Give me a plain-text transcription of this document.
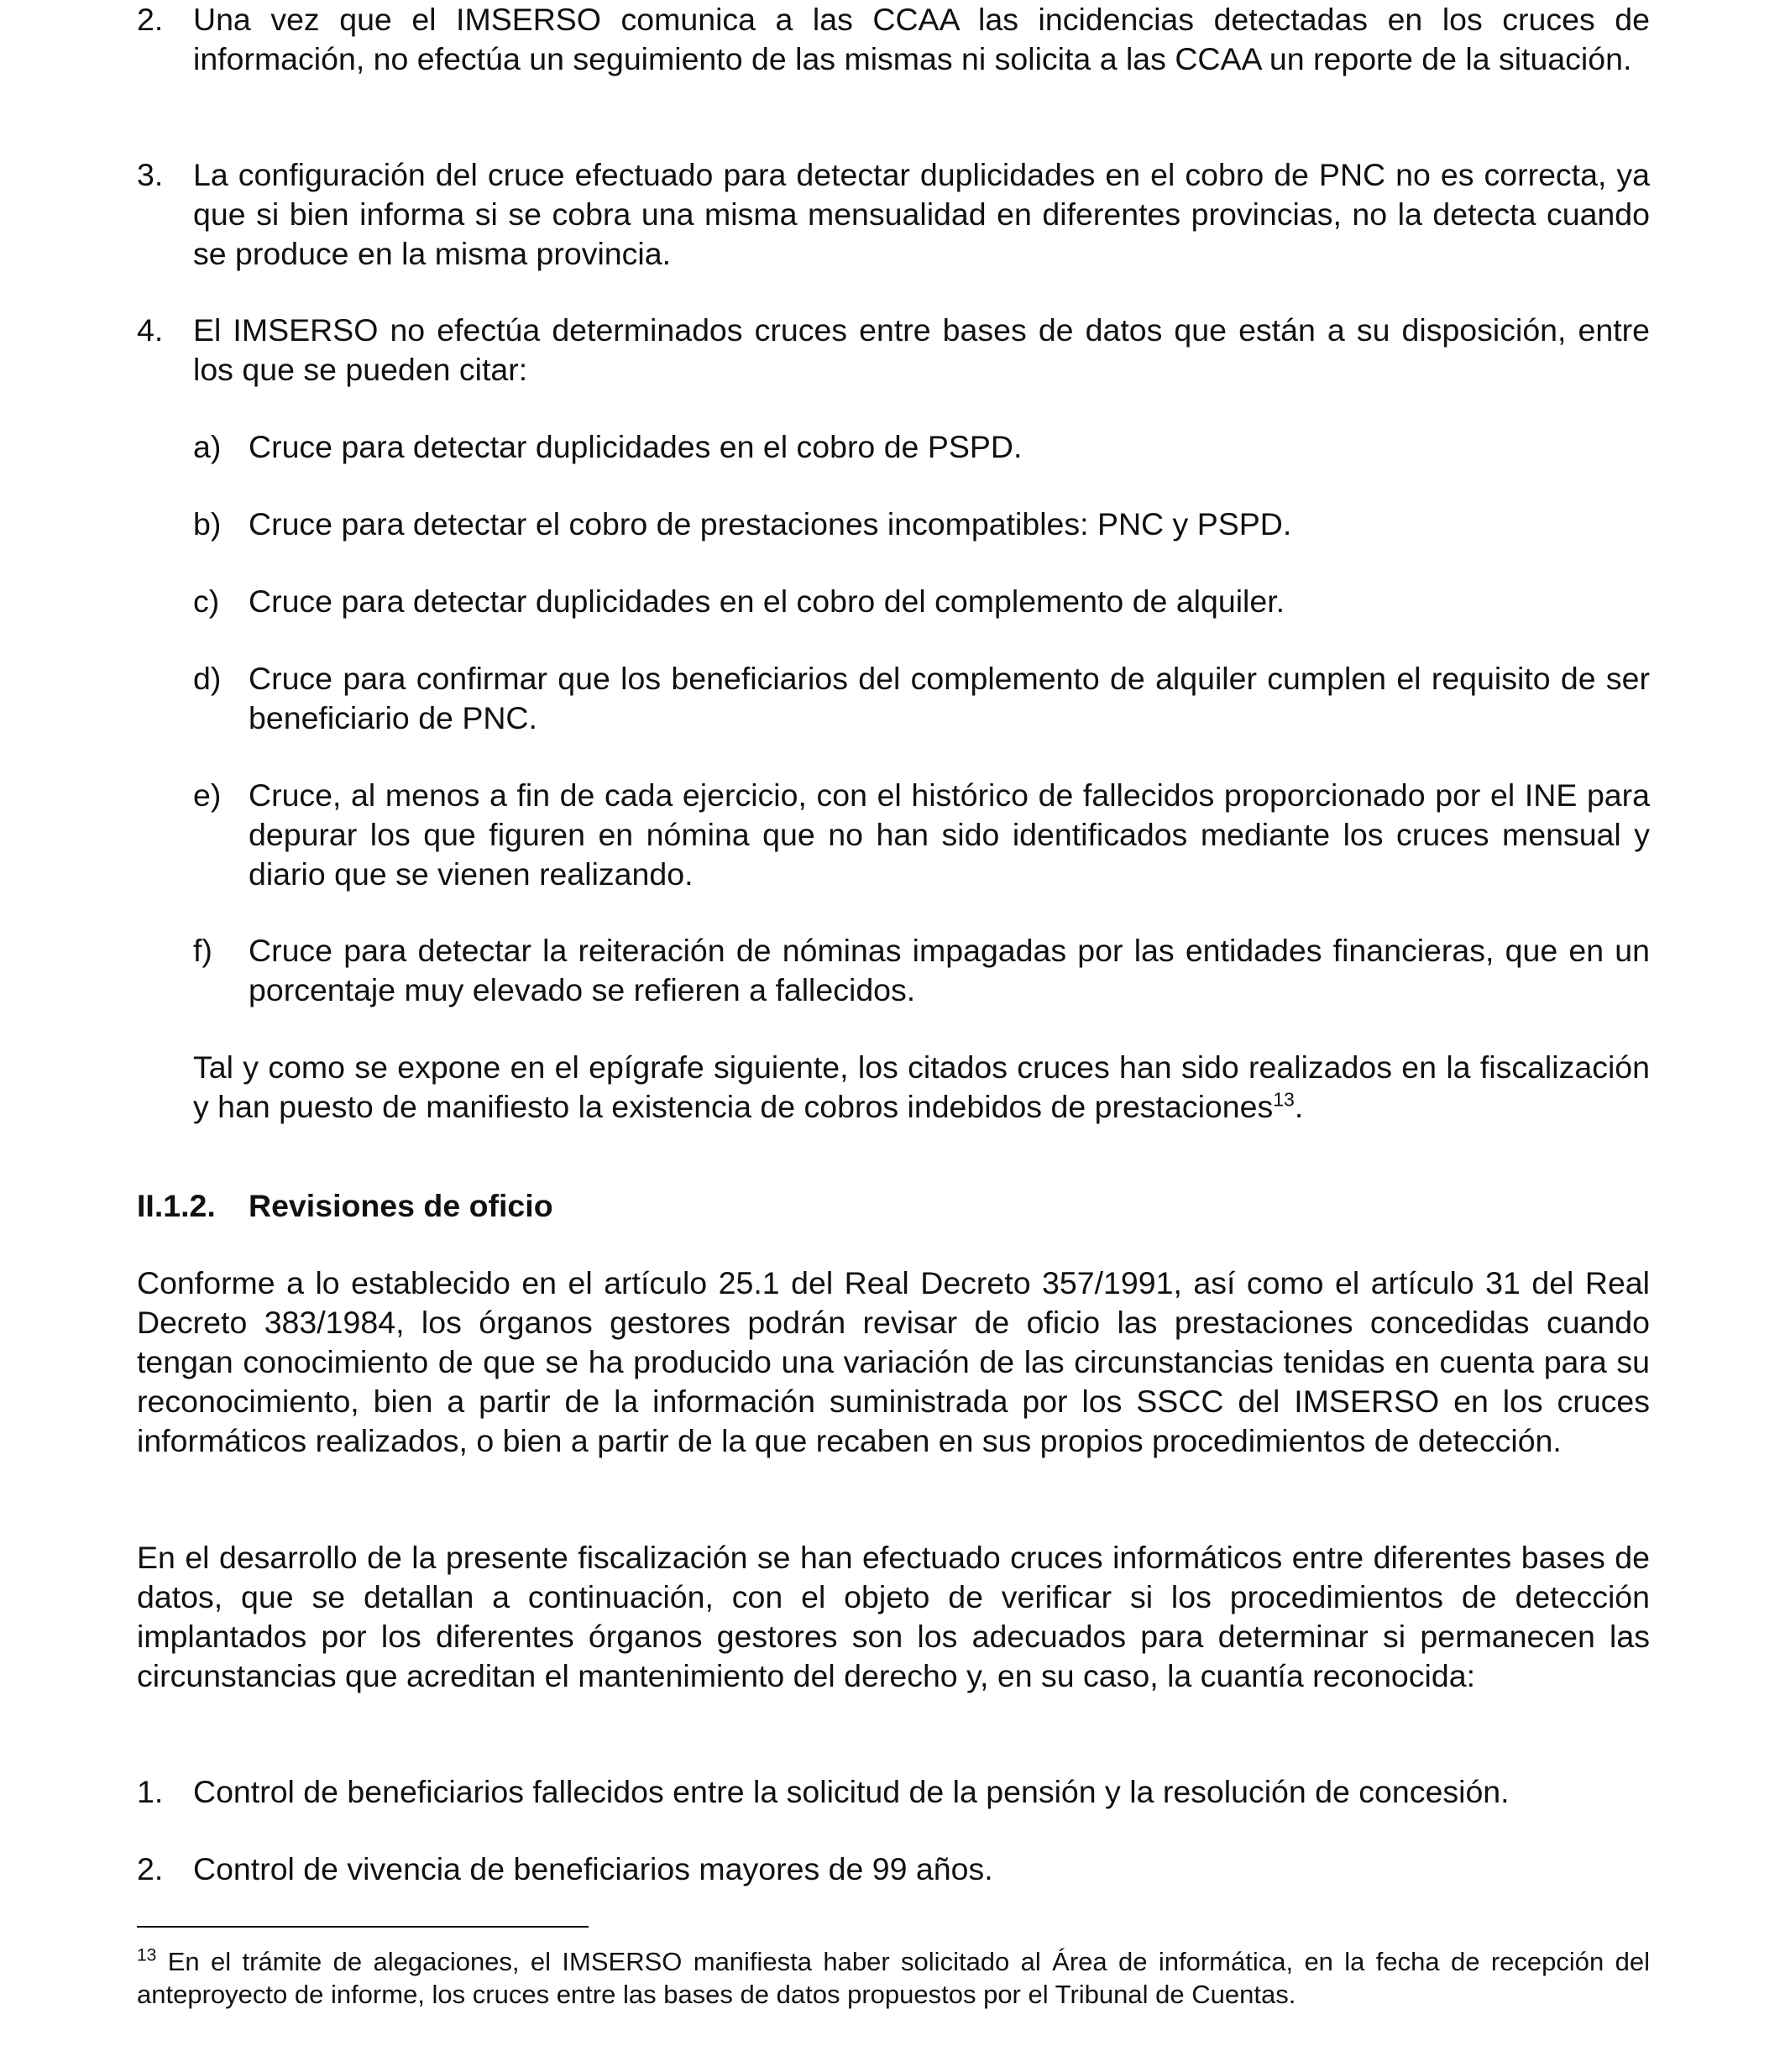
2. Una vez que el IMSERSO comunica a las CCAA las incidencias detectadas en los cruces de información, no efectúa un seguimiento de las mismas ni solicita a las CCAA un reporte de la situación.

3. La configuración del cruce efectuado para detectar duplicidades en el cobro de PNC no es correcta, ya que si bien informa si se cobra una misma mensualidad en diferentes provincias, no la detecta cuando se produce en la misma provincia.

4. El IMSERSO no efectúa determinados cruces entre bases de datos que están a su disposición, entre los que se pueden citar:

a) Cruce para detectar duplicidades en el cobro de PSPD.

b) Cruce para detectar el cobro de prestaciones incompatibles: PNC y PSPD.

c) Cruce para detectar duplicidades en el cobro del complemento de alquiler.

d) Cruce para confirmar que los beneficiarios del complemento de alquiler cumplen el requisito de ser beneficiario de PNC.

e) Cruce, al menos a fin de cada ejercicio, con el histórico de fallecidos proporcionado por el INE para depurar los que figuren en nómina que no han sido identificados mediante los cruces mensual y diario que se vienen realizando.

f) Cruce para detectar la reiteración de nóminas impagadas por las entidades financieras, que en un porcentaje muy elevado se refieren a fallecidos.

Tal y como se expone en el epígrafe siguiente, los citados cruces han sido realizados en la fiscalización y han puesto de manifiesto la existencia de cobros indebidos de prestaciones$^{13}$.

II.1.2. Revisiones de oficio

Conforme a lo establecido en el artículo 25.1 del Real Decreto 357/1991, así como el artículo 31 del Real Decreto 383/1984, los órganos gestores podrán revisar de oficio las prestaciones concedidas cuando tengan conocimiento de que se ha producido una variación de las circunstancias tenidas en cuenta para su reconocimiento, bien a partir de la información suministrada por los SSCC del IMSERSO en los cruces informáticos realizados, o bien a partir de la que recaben en sus propios procedimientos de detección.

En el desarrollo de la presente fiscalización se han efectuado cruces informáticos entre diferentes bases de datos, que se detallan a continuación, con el objeto de verificar si los procedimientos de detección implantados por los diferentes órganos gestores son los adecuados para determinar si permanecen las circunstancias que acreditan el mantenimiento del derecho y, en su caso, la cuantía reconocida:

1. Control de beneficiarios fallecidos entre la solicitud de la pensión y la resolución de concesión.

2. Control de vivencia de beneficiarios mayores de 99 años.

$^{13}$ En el trámite de alegaciones, el IMSERSO manifiesta haber solicitado al Área de informática, en la fecha de recepción del anteproyecto de informe, los cruces entre las bases de datos propuestos por el Tribunal de Cuentas.
